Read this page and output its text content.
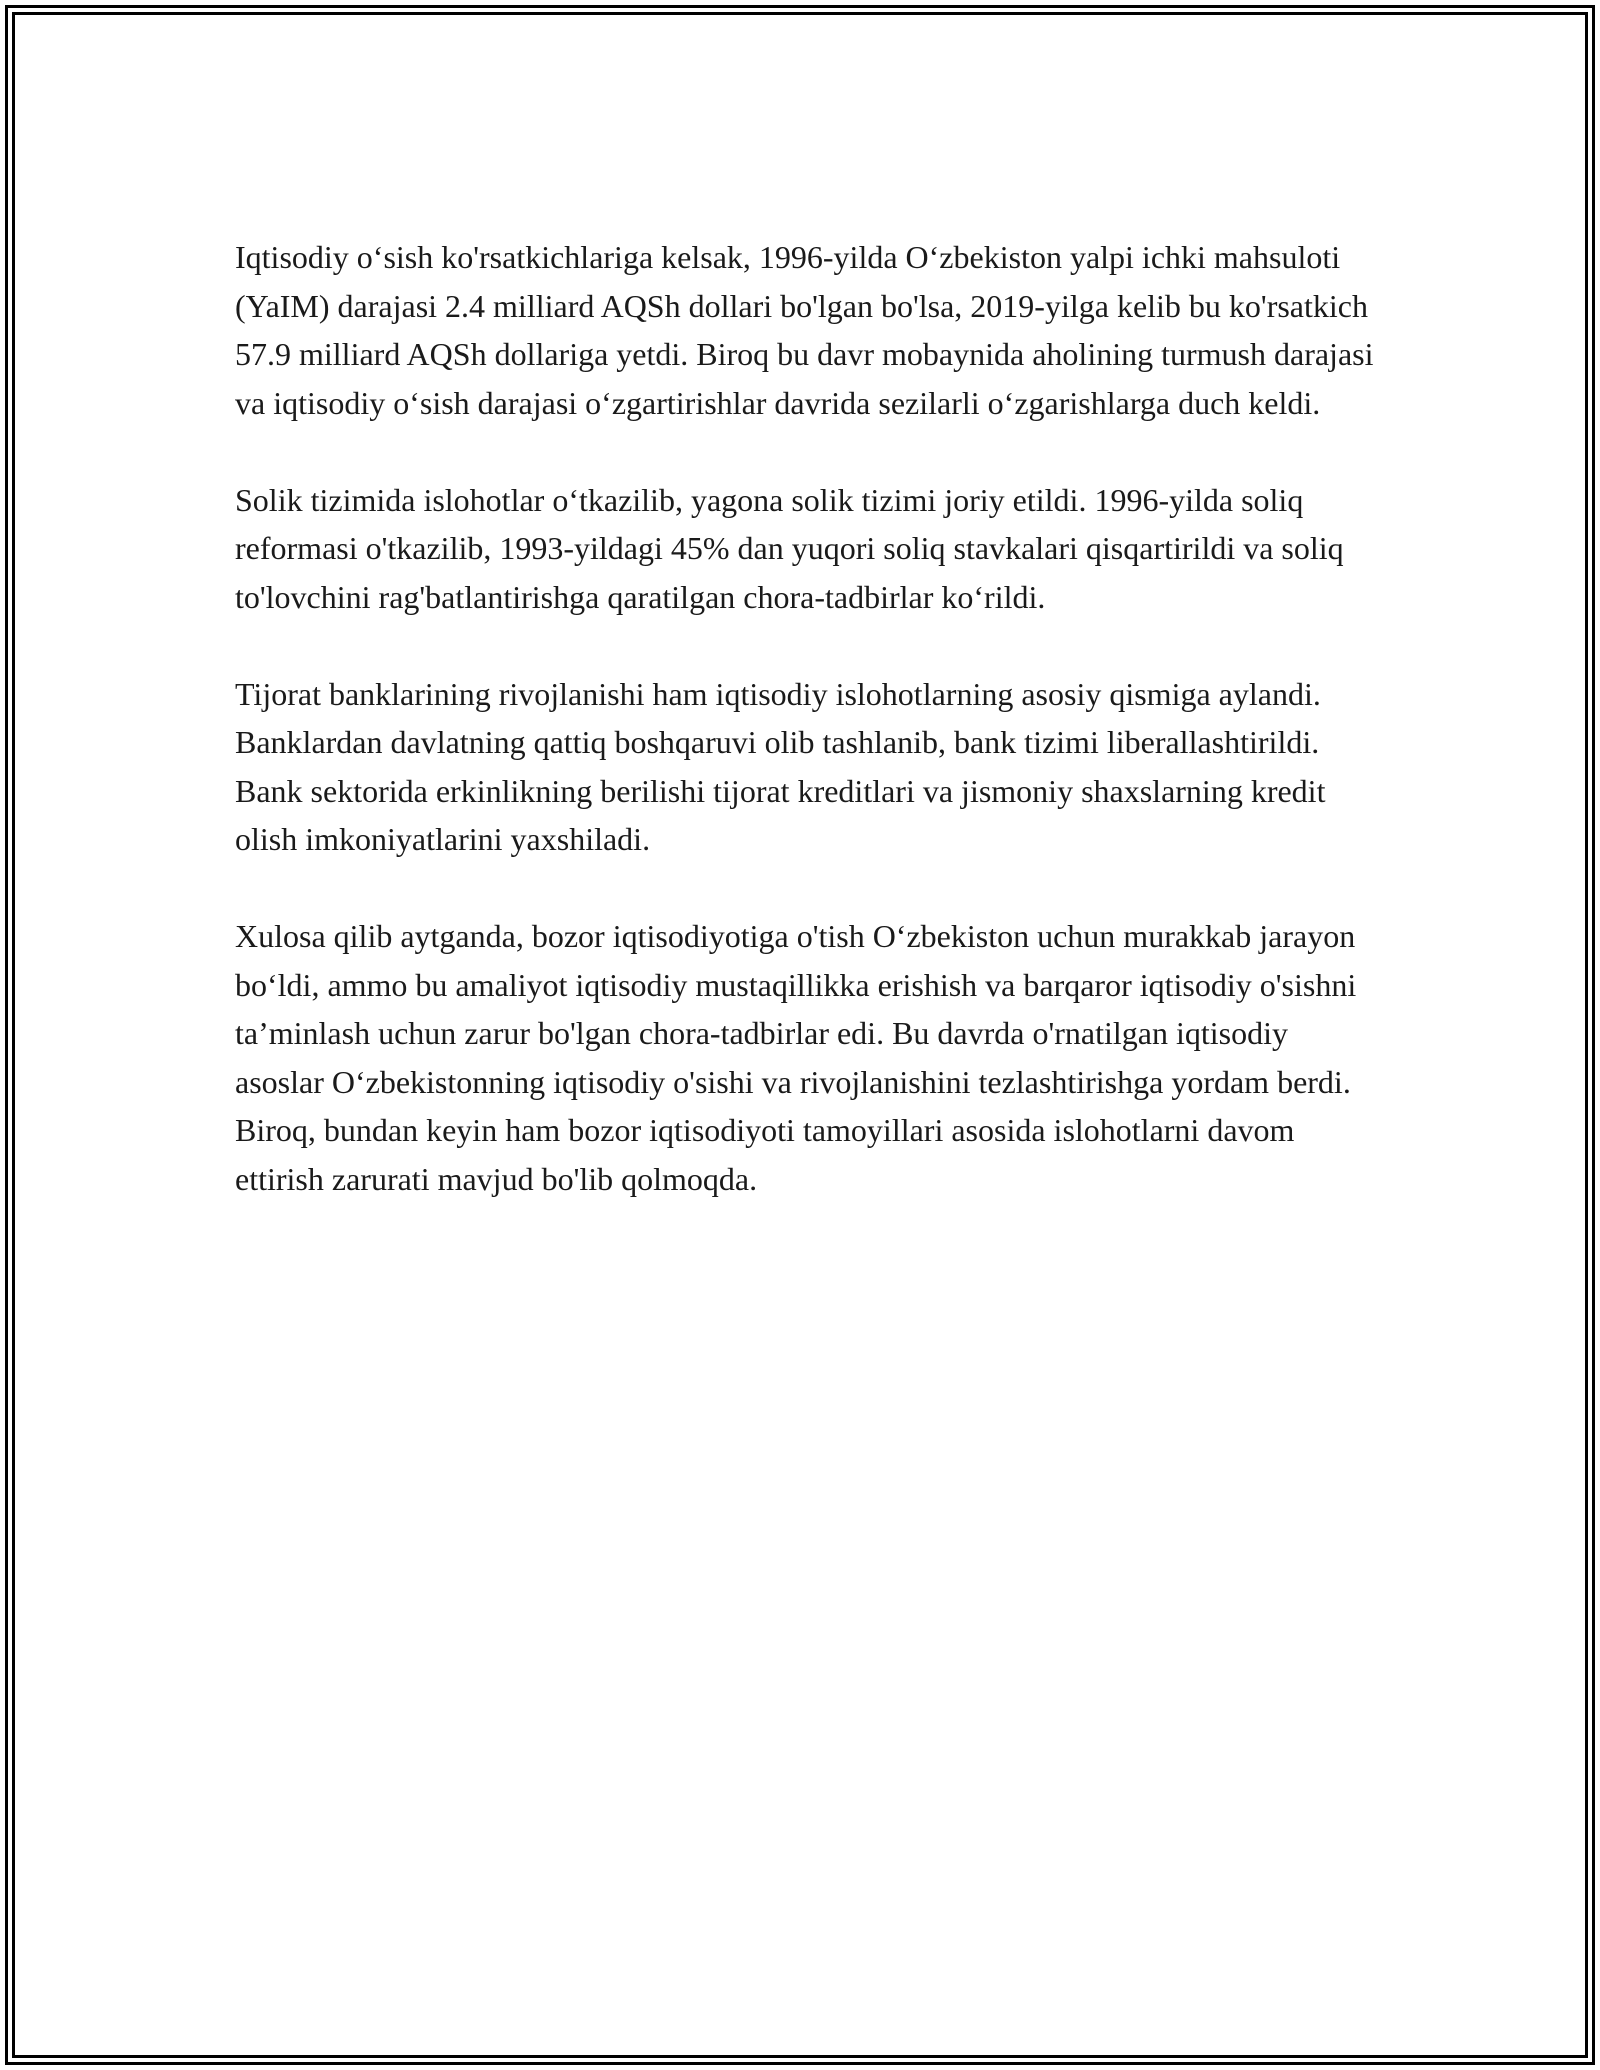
Iqtisodiy o‘sish ko'rsatkichlariga kelsak, 1996-yilda O‘zbekiston yalpi ichki mahsuloti (YaIM) darajasi 2.4 milliard AQSh dollari bo'lgan bo'lsa, 2019-yilga kelib bu ko'rsatkich 57.9 milliard AQSh dollariga yetdi. Biroq bu davr mobaynida aholining turmush darajasi va iqtisodiy o‘sish darajasi o‘zgartirishlar davrida sezilarli o‘zgarishlarga duch keldi.

Solik tizimida islohotlar o‘tkazilib, yagona solik tizimi joriy etildi. 1996-yilda soliq reformasi o'tkazilib, 1993-yildagi 45% dan yuqori soliq stavkalari qisqartirildi va soliq to'lovchini rag'batlantirishga qaratilgan chora-tadbirlar ko‘rildi.

Tijorat banklarining rivojlanishi ham iqtisodiy islohotlarning asosiy qismiga aylandi. Banklardan davlatning qattiq boshqaruvi olib tashlanib, bank tizimi liberallashtirildi. Bank sektorida erkinlikning berilishi tijorat kreditlari va jismoniy shaxslarning kredit olish imkoniyatlarini yaxshiladi.

Xulosa qilib aytganda, bozor iqtisodiyotiga o'tish O‘zbekiston uchun murakkab jarayon bo‘ldi, ammo bu amaliyot iqtisodiy mustaqillikka erishish va barqaror iqtisodiy o'sishni ta’minlash uchun zarur bo'lgan chora-tadbirlar edi. Bu davrda o'rnatilgan iqtisodiy asoslar O‘zbekistonning iqtisodiy o'sishi va rivojlanishini tezlashtirishga yordam berdi. Biroq, bundan keyin ham bozor iqtisodiyoti tamoyillari asosida islohotlarni davom ettirish zarurati mavjud bo'lib qolmoqda.
